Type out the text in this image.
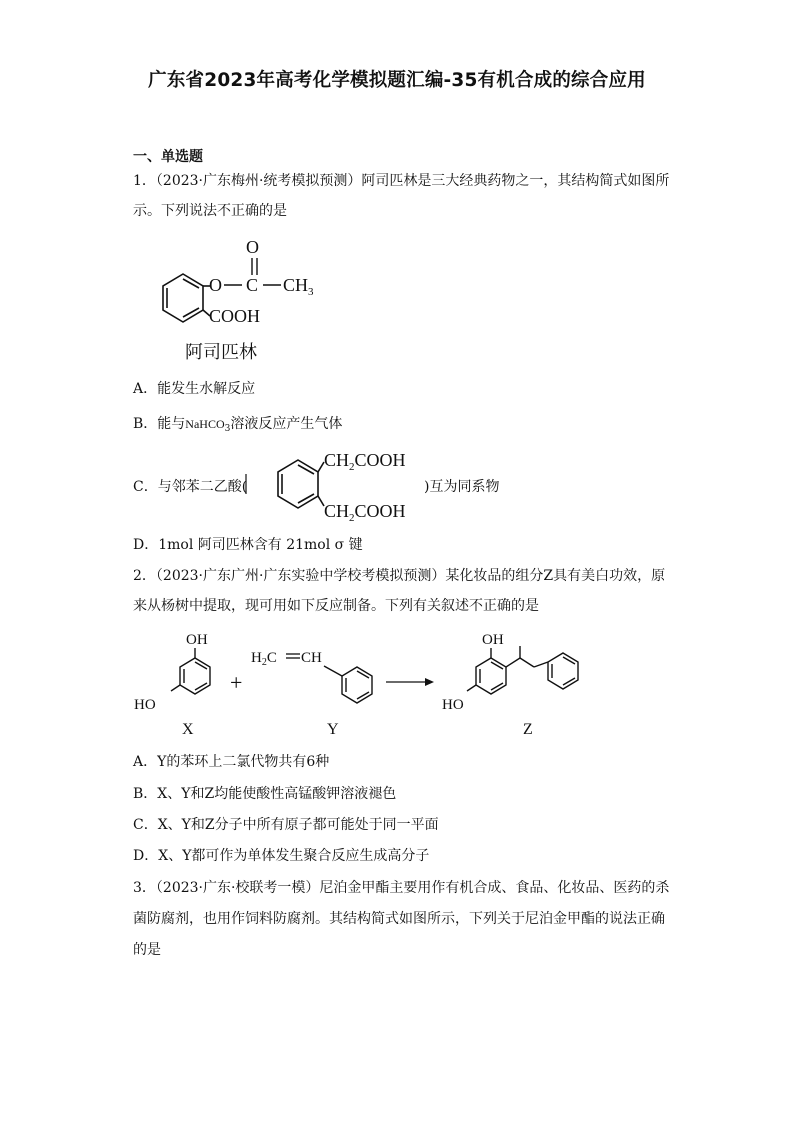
广东省2023年高考化学模拟题汇编-35有机合成的综合应用
一、单选题
1．（2023·广东梅州·统考模拟预测）阿司匹林是三大经典药物之一，其结构简式如图所
示。下列说法不正确的是
O C
O
$CH_3$
COOH
阿司匹林
A．能发生水解反应
B．能与NaHCO$_3$溶液反应产生气体
C．与邻苯二乙酸(
$CH_2COOH$
$CH_2COOH$
)互为同系物
D．1mol 阿司匹林含有 21mol σ 键
2．（2023·广东广州·广东实验中学校考模拟预测）某化妆品的组分Z具有美白功效，原
来从杨树中提取，现可用如下反应制备。下列有关叙述不正确的是
OH
HO
X
+
$H_2C$ CH
Y
OH
HO
Z
A．Y的苯环上二氯代物共有6种
B．X、Y和Z均能使酸性高锰酸钾溶液褪色
C．X、Y和Z分子中所有原子都可能处于同一平面
D．X、Y都可作为单体发生聚合反应生成高分子
3．（2023·广东·校联考一模）尼泊金甲酯主要用作有机合成、食品、化妆品、医药的杀
菌防腐剂，也用作饲料防腐剂。其结构简式如图所示，下列关于尼泊金甲酯的说法正确
的是
